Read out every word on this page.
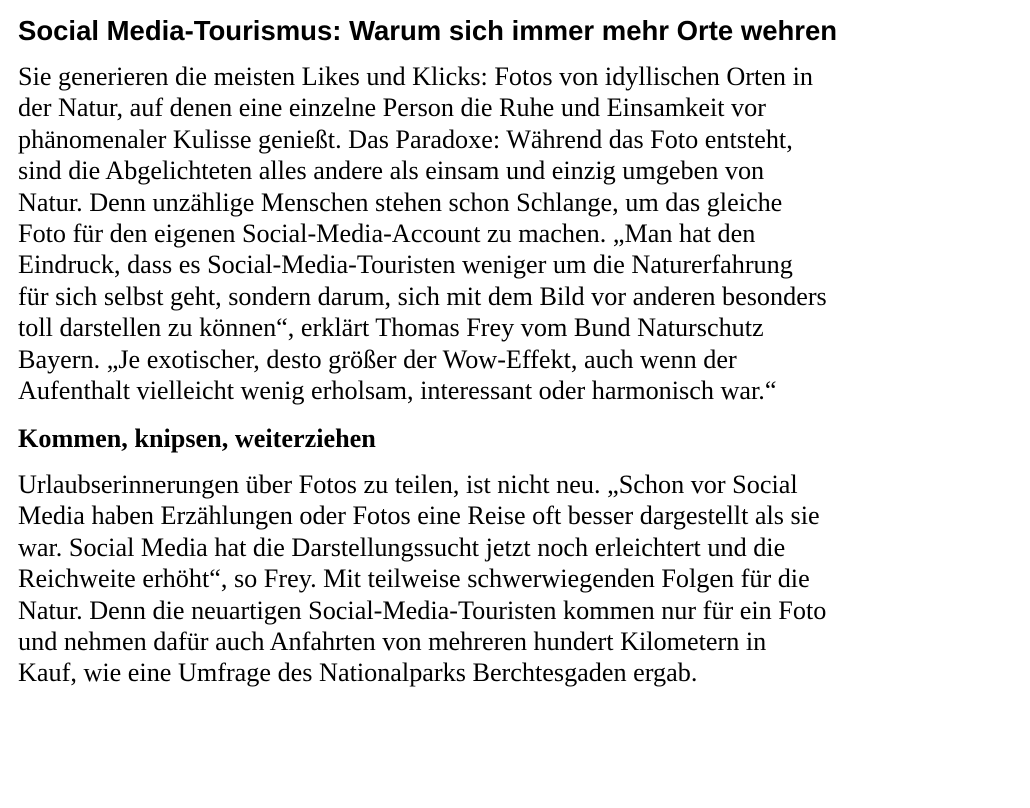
Social Media-Tourismus: Warum sich immer mehr Orte wehren

Sie generieren die meisten Likes und Klicks: Fotos von idyllischen Orten in
der Natur, auf denen eine einzelne Person die Ruhe und Einsamkeit vor
phänomenaler Kulisse genießt. Das Paradoxe: Während das Foto entsteht,
sind die Abgelichteten alles andere als einsam und einzig umgeben von
Natur. Denn unzählige Menschen stehen schon Schlange, um das gleiche
Foto für den eigenen Social-Media-Account zu machen. „Man hat den
Eindruck, dass es Social-Media-Touristen weniger um die Naturerfahrung
für sich selbst geht, sondern darum, sich mit dem Bild vor anderen besonders
toll darstellen zu können“, erklärt Thomas Frey vom Bund Naturschutz
Bayern. „Je exotischer, desto größer der Wow-Effekt, auch wenn der
Aufenthalt vielleicht wenig erholsam, interessant oder harmonisch war.“

Kommen, knipsen, weiterziehen

Urlaubserinnerungen über Fotos zu teilen, ist nicht neu. „Schon vor Social
Media haben Erzählungen oder Fotos eine Reise oft besser dargestellt als sie
war. Social Media hat die Darstellungssucht jetzt noch erleichtert und die
Reichweite erhöht“, so Frey. Mit teilweise schwerwiegenden Folgen für die
Natur. Denn die neuartigen Social-Media-Touristen kommen nur für ein Foto
und nehmen dafür auch Anfahrten von mehreren hundert Kilometern in
Kauf, wie eine Umfrage des Nationalparks Berchtesgaden ergab.
